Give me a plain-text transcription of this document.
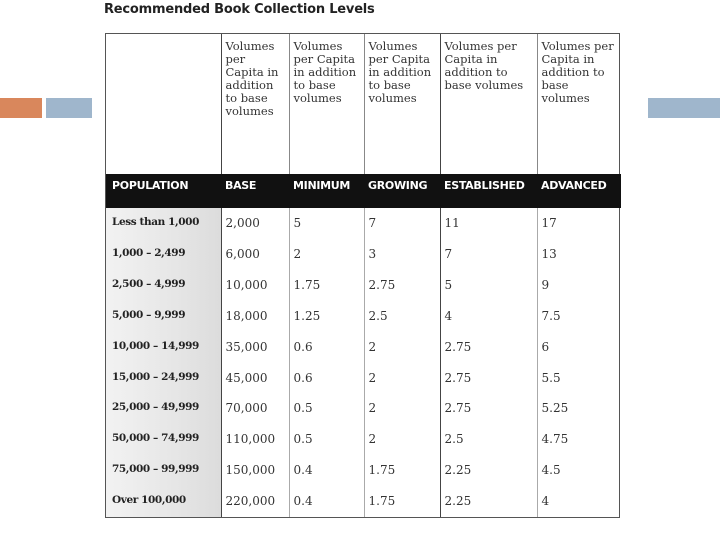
Recommended Book Collection Levels
	Volumes per Capita in addition to base volumes	Volumes per Capita in addition to base volumes	Volumes per Capita in addition to base volumes	Volumes per Capita in addition to base volumes	Volumes per Capita in addition to base volumes
POPULATION	BASE	MINIMUM	GROWING	ESTABLISHED	ADVANCED
Less than 1,000	2,000	5	7	11	17
1,000 – 2,499	6,000	2	3	7	13
2,500 – 4,999	10,000	1.75	2.75	5	9
5,000 – 9,999	18,000	1.25	2.5	4	7.5
10,000 – 14,999	35,000	0.6	2	2.75	6
15,000 – 24,999	45,000	0.6	2	2.75	5.5
25,000 – 49,999	70,000	0.5	2	2.75	5.25
50,000 – 74,999	110,000	0.5	2	2.5	4.75
75,000 – 99,999	150,000	0.4	1.75	2.25	4.5
Over 100,000	220,000	0.4	1.75	2.25	4
